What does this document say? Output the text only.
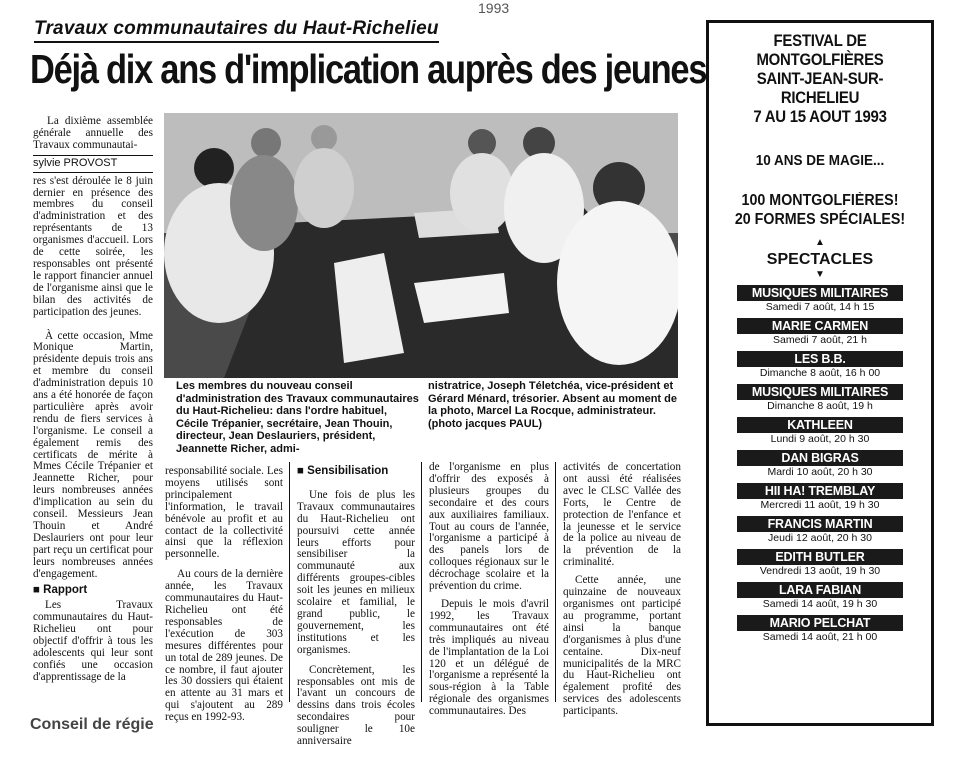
1993
Travaux communautaires du Haut-Richelieu
Déjà dix ans d'implication auprès des jeunes

La dixième assemblée générale annuelle des Travaux communautai-

sylvie PROVOST

res s'est déroulée le 8 juin dernier en présence des membres du conseil d'administration et des représentants de 13 organismes d'accueil. Lors de cette soirée, les responsables ont présenté le rapport financier annuel de l'organisme ainsi que le bilan des activités de participation des jeunes.

À cette occasion, Mme Monique Martin, présidente depuis trois ans et membre du conseil d'administration depuis 10 ans a été honorée de façon particulière après avoir rendu de fiers services à l'organisme. Le conseil a également remis des certificats de mérite à Mmes Cécile Trépanier et Jeannette Richer, pour leurs nombreuses années d'implication au sein du conseil. Messieurs Jean Thouin et André Deslauriers ont pour leur part reçu un certificat pour leurs nombreuses années d'engagement.

■ Rapport

Les Travaux communautaires du Haut-Richelieu ont pour objectif d'offrir à tous les adolescents qui leur sont confiés une occasion d'apprentissage de la

Les membres du nouveau conseil d'administration des Travaux communautaires du Haut-Richelieu: dans l'ordre habituel, Cécile Trépanier, secrétaire, Jean Thouin, directeur, Jean Deslauriers, président, Jeannette Richer, admi-
nistratrice, Joseph Téletchéa, vice-président et Gérard Ménard, trésorier. Absent au moment de la photo, Marcel La Rocque, administrateur.(photo jacques PAUL)

responsabilité sociale. Les moyens utilisés sont principalement l'information, le travail bénévole au profit et au contact de la collectivité ainsi que la réflexion personnelle.

Au cours de la dernière année, les Travaux communautaires du Haut-Richelieu ont été responsables de l'exécution de 303 mesures différentes pour un total de 289 jeunes. De ce nombre, il faut ajouter les 30 dossiers qui étaient en attente au 31 mars et qui s'ajoutent au 289 reçus en 1992-93.

■ Sensibilisation

Une fois de plus les Travaux communautaires du Haut-Richelieu ont poursuivi cette année leurs efforts pour sensibiliser la communauté aux différents groupes-cibles soit les jeunes en milieux scolaire et familial, le grand public, le gouvernement, les institutions et les organismes.

Concrètement, les responsables ont mis de l'avant un concours de dessins dans trois écoles secondaires pour souligner le 10e anniversaire

de l'organisme en plus d'offrir des exposés à plusieurs groupes du secondaire et des cours aux auxiliaires familiaux. Tout au cours de l'année, l'organisme a participé à des panels lors de colloques régionaux sur le décrochage scolaire et la prévention du crime.

Depuis le mois d'avril 1992, les Travaux communautaires ont été très impliqués au niveau de l'implantation de la Loi 120 et un délégué de l'organisme a représenté la sous-région à la Table régionale des organismes communautaires. Des

activités de concertation ont aussi été réalisées avec le CLSC Vallée des Forts, le Centre de protection de l'enfance et la jeunesse et le service de la police au niveau de la prévention de la criminalité.

Cette année, une quinzaine de nouveaux organismes ont participé au programme, portant ainsi la banque d'organismes à plus d'une centaine. Dix-neuf municipalités de la MRC du Haut-Richelieu ont également profité des services des adolescents participants.

Conseil de régie
FESTIVAL DE MONTGOLFIÈRES
SAINT-JEAN-SUR-RICHELIEU
7 AU 15 AOUT 1993
10 ANS DE MAGIE...
100 MONTGOLFIÈRES!
20 FORMES SPÉCIALES!
▲
SPECTACLES
▼
MUSIQUES MILITAIRES
Samedi 7 août, 14 h 15
MARIE CARMEN
Samedi 7 août, 21 h
LES B.B.
Dimanche 8 août, 16 h 00
MUSIQUES MILITAIRES
Dimanche 8 août, 19 h
KATHLEEN
Lundi 9 août, 20 h 30
DAN BIGRAS
Mardi 10 août, 20 h 30
HII HA! TREMBLAY
Mercredi 11 août, 19 h 30
FRANCIS MARTIN
Jeudi 12 août, 20 h 30
EDITH BUTLER
Vendredi 13 août, 19 h 30
LARA FABIAN
Samedi 14 août, 19 h 30
MARIO PELCHAT
Samedi 14 août, 21 h 00
